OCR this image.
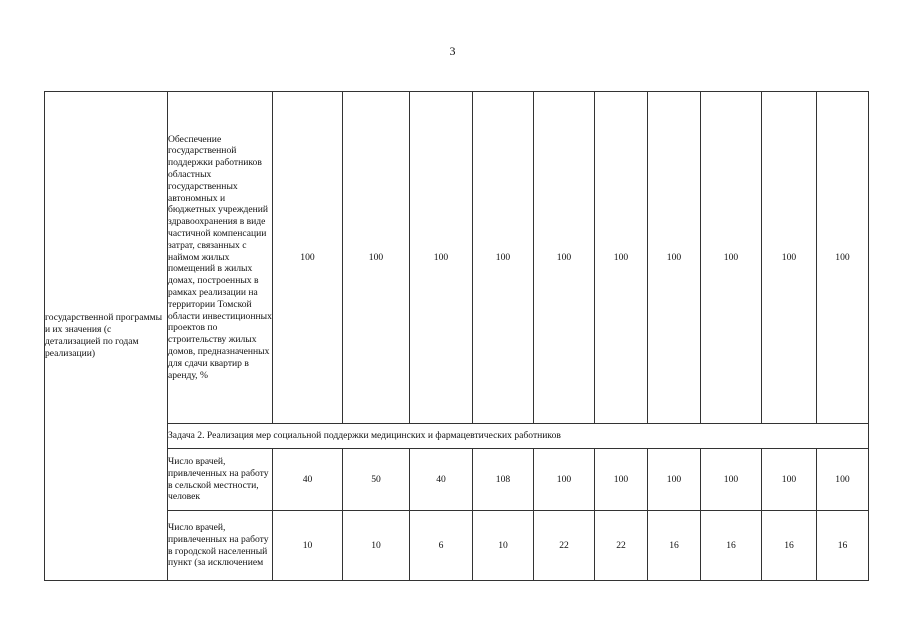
3
государственной программы и их значения (с детализацией по годам реализации)	Обеспечение государственной поддержки работников областных государственных автономных и бюджетных учреждений здравоохранения в виде частичной компенсации затрат, связанных с наймом жилых помещений в жилых домах, построенных в рамках реализации на территории Томской области инвестиционных проектов по строительству жилых домов, предназначенных для сдачи квартир в аренду, %	100	100	100	100	100	100	100	100	100	100
	Задача 2. Реализация мер социальной поддержки медицинских и фармацевтических работников										
	Число врачей, привлеченных на работу в сельской местности, человек	40	50	40	108	100	100	100	100	100	100
	Число врачей, привлеченных на работу в городской населенный пункт (за исключением	10	10	6	10	22	22	16	16	16	16
